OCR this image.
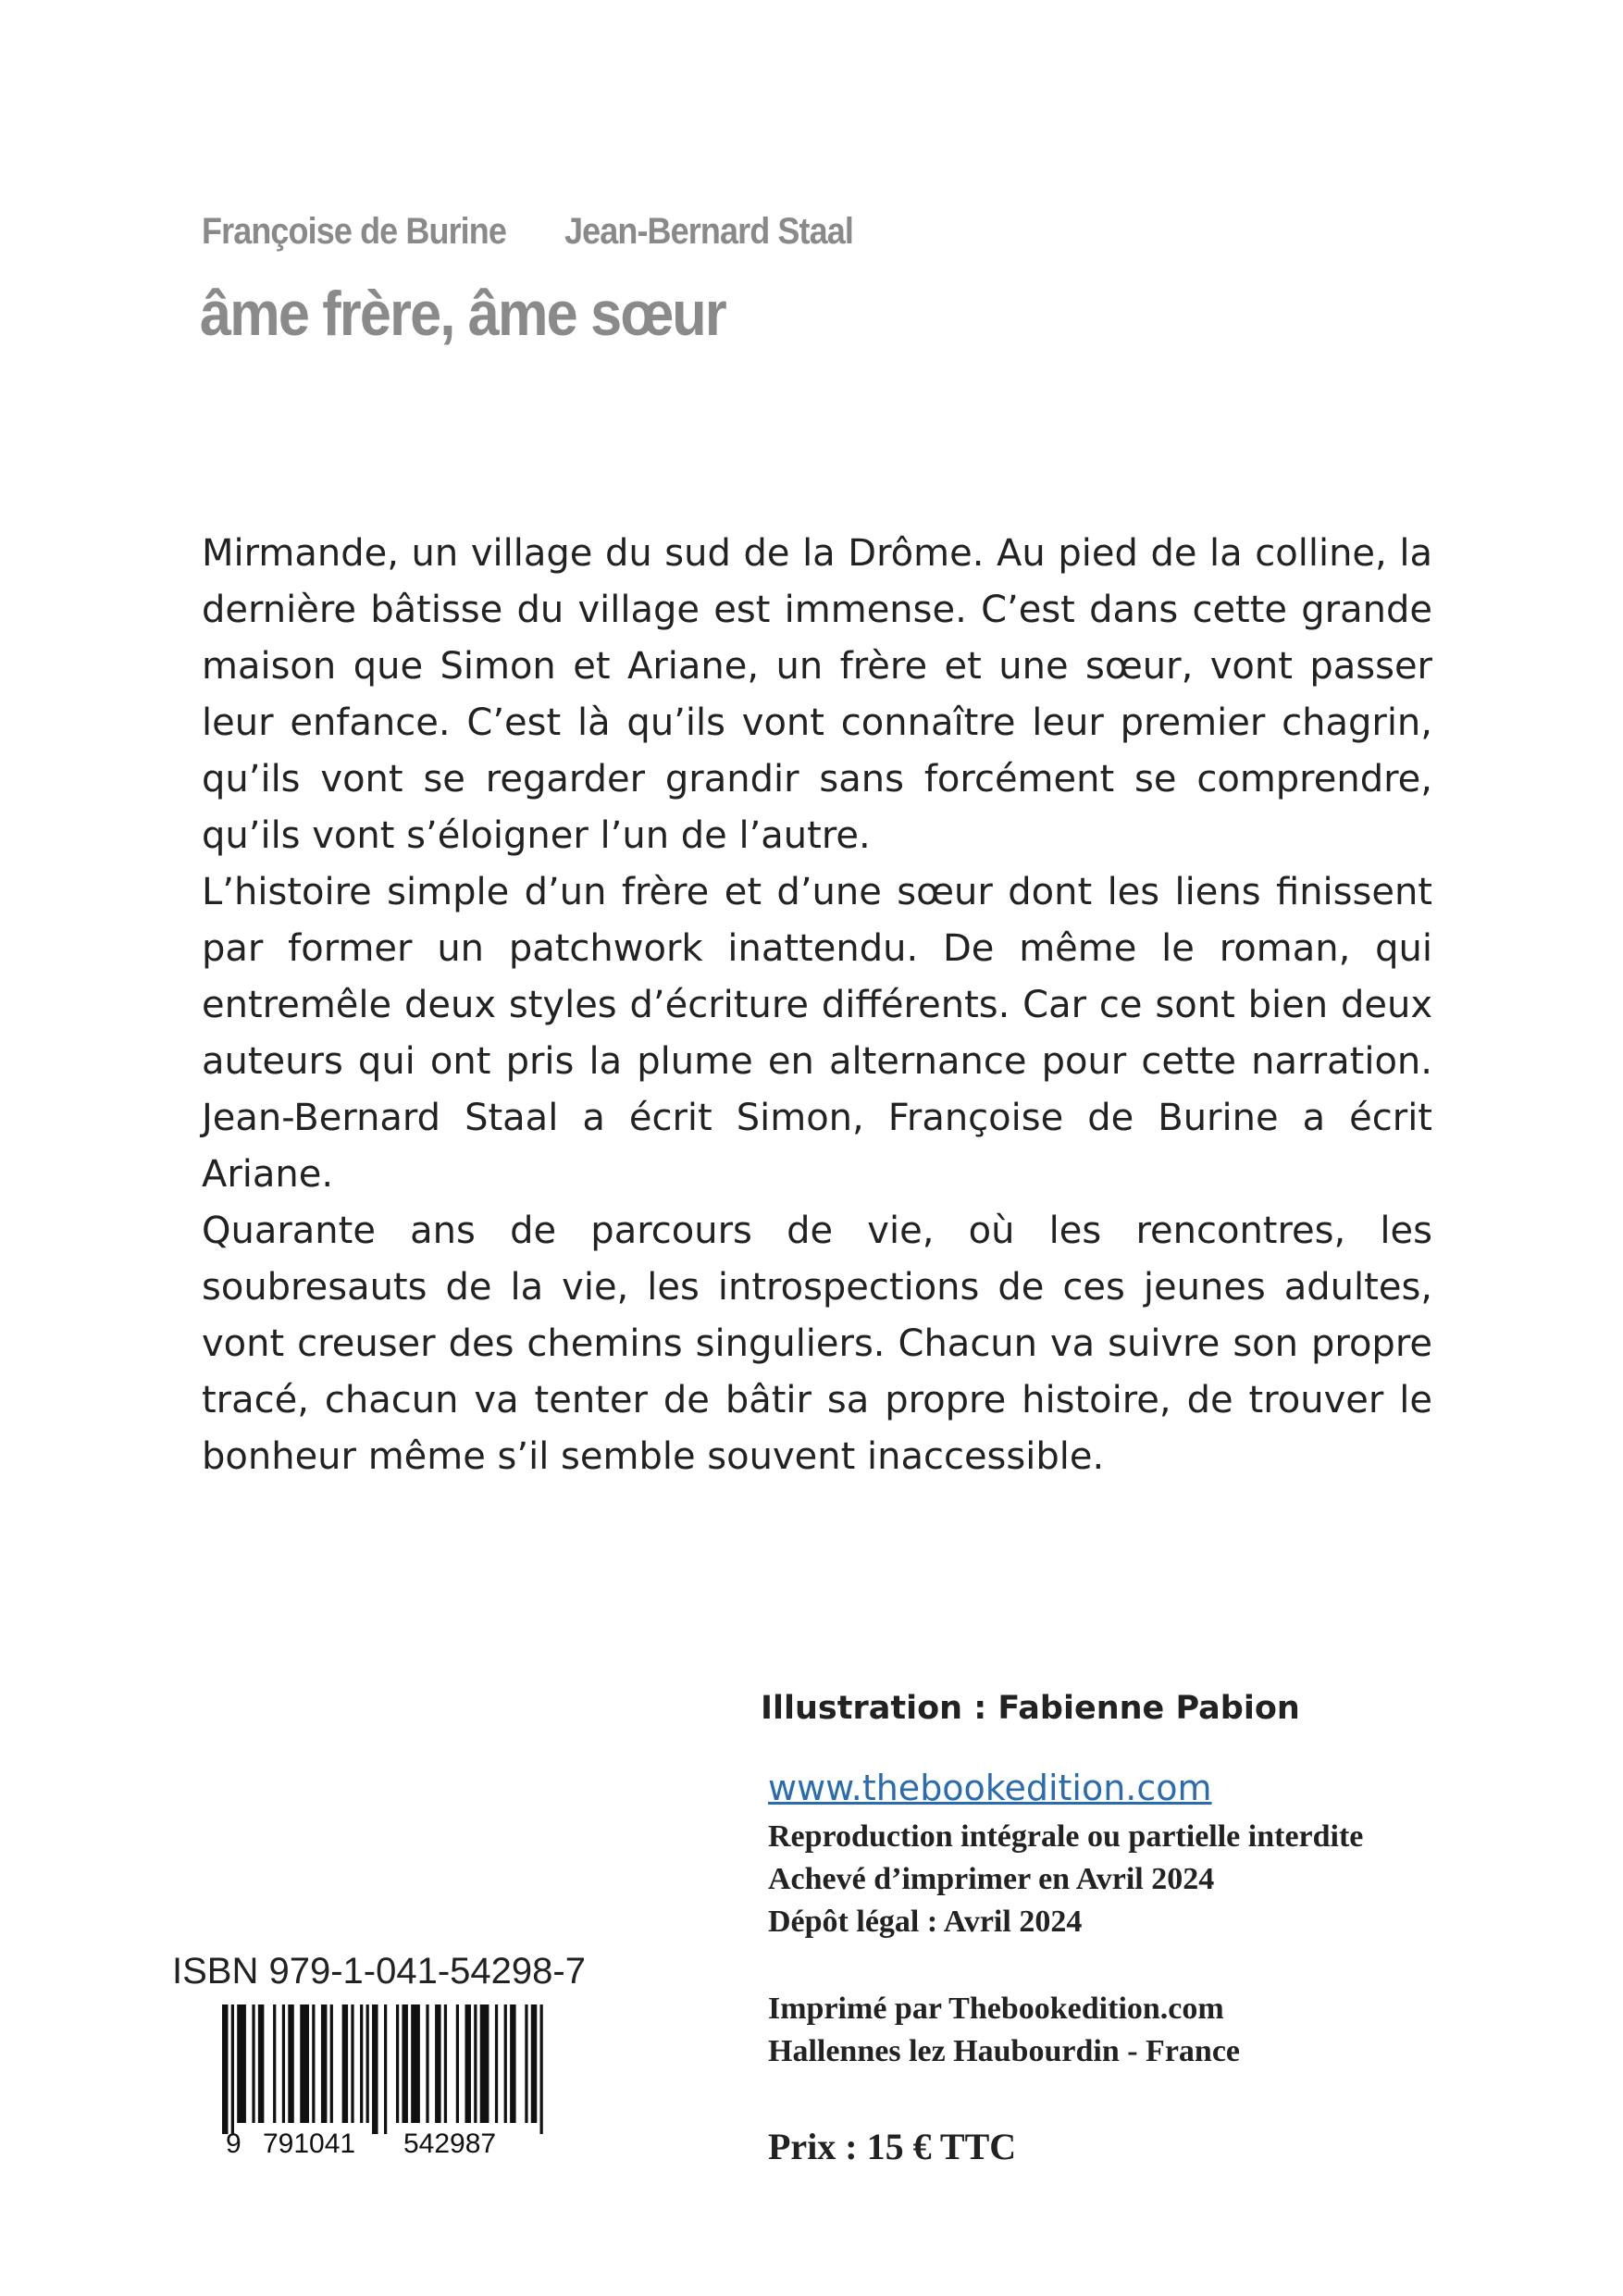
Françoise de Burine Jean-Bernard Staal
âme frère, âme sœur

Mirmande, un village du sud de la Drôme. Au pied de la colline, la dernière bâtisse du village est immense. C’est dans cette grande maison que Simon et Ariane, un frère et une sœur, vont passer leur enfance. C’est là qu’ils vont connaître leur premier chagrin, qu’ils vont se regarder grandir sans forcément se comprendre, qu’ils vont s’éloigner l’un de l’autre.

L’histoire simple d’un frère et d’une sœur dont les liens finissent par former un patchwork inattendu. De même le roman, qui entremêle deux styles d’écriture différents. Car ce sont bien deux auteurs qui ont pris la plume en alternance pour cette narration. Jean-Bernard Staal a écrit Simon, Françoise de Burine a écrit Ariane.

Quarante ans de parcours de vie, où les rencontres, les soubresauts de la vie, les introspections de ces jeunes adultes, vont creuser des chemins singuliers. Chacun va suivre son propre tracé, chacun va tenter de bâtir sa propre histoire, de trouver le bonheur même s’il semble souvent inaccessible.

Illustration : Fabienne Pabion
www.thebookedition.com
Reproduction intégrale ou partielle interdite
Achevé d’imprimer en Avril 2024
Dépôt légal : Avril 2024
Imprimé par Thebookedition.com
Hallennes lez Haubourdin - France
Prix : 15 € TTC
ISBN 979-1-041-54298-7
9 791041 542987
